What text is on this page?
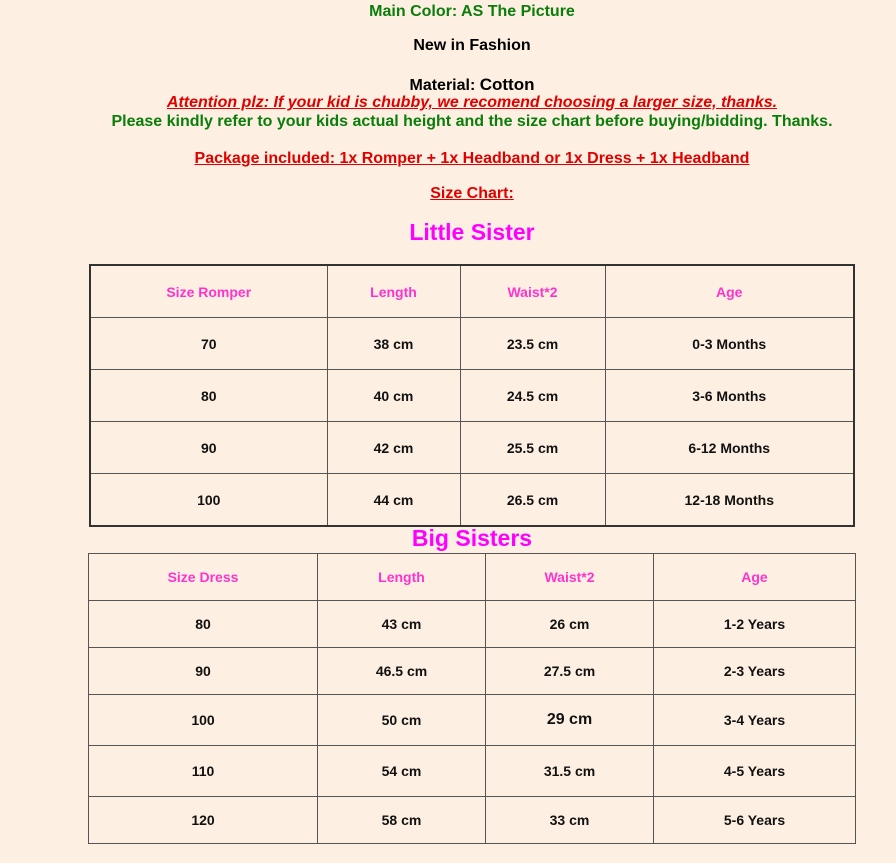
Main Color: AS The Picture
New in Fashion
Material: Cotton
Attention plz: If your kid is chubby, we recomend choosing a larger size, thanks.
Please kindly refer to your kids actual height and the size chart before buying/bidding. Thanks.
Package included: 1x Romper + 1x Headband or 1x Dress + 1x Headband
Size Chart:
Little Sister
Size Romper	Length	Waist*2	Age
70	38 cm	23.5 cm	0-3 Months
80	40 cm	24.5 cm	3-6 Months
90	42 cm	25.5 cm	6-12 Months
100	44 cm	26.5 cm	12-18 Months
Big Sisters
Size Dress	Length	Waist*2	Age
80	43 cm	26 cm	1-2 Years
90	46.5 cm	27.5 cm	2-3 Years
100	50 cm	29 cm	3-4 Years
110	54 cm	31.5 cm	4-5 Years
120	58 cm	33 cm	5-6 Years
